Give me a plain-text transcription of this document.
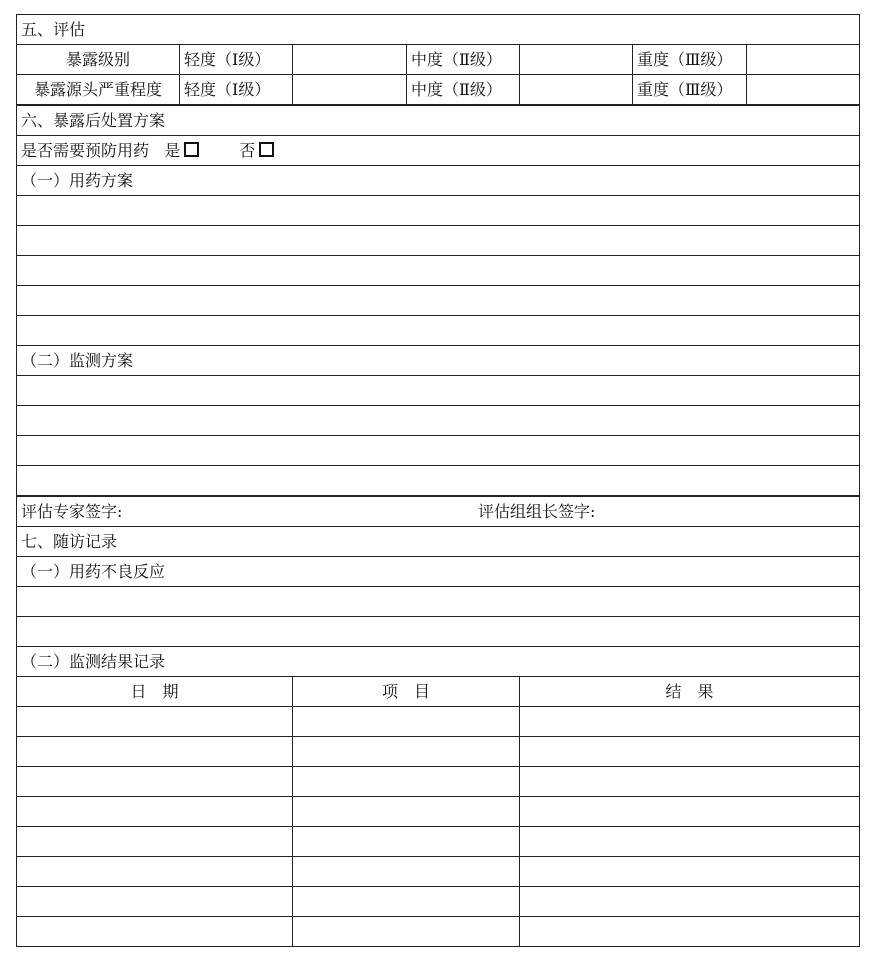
五、评估						
暴露级别	轻度（Ⅰ级）		中度（Ⅱ级）		重度（Ⅲ级）	
暴露源头严重程度	轻度（Ⅰ级）		中度（Ⅱ级）		重度（Ⅲ级）	
六、暴露后处置方案						
是否需要预防用药 是 否						
（一）用药方案						

（二）监测方案						

评估专家签字: 评估组组长签字:						

七、随访记录						
（一）用药不良反应						

（二）监测结果记录						
日　期	项　目	结　果
